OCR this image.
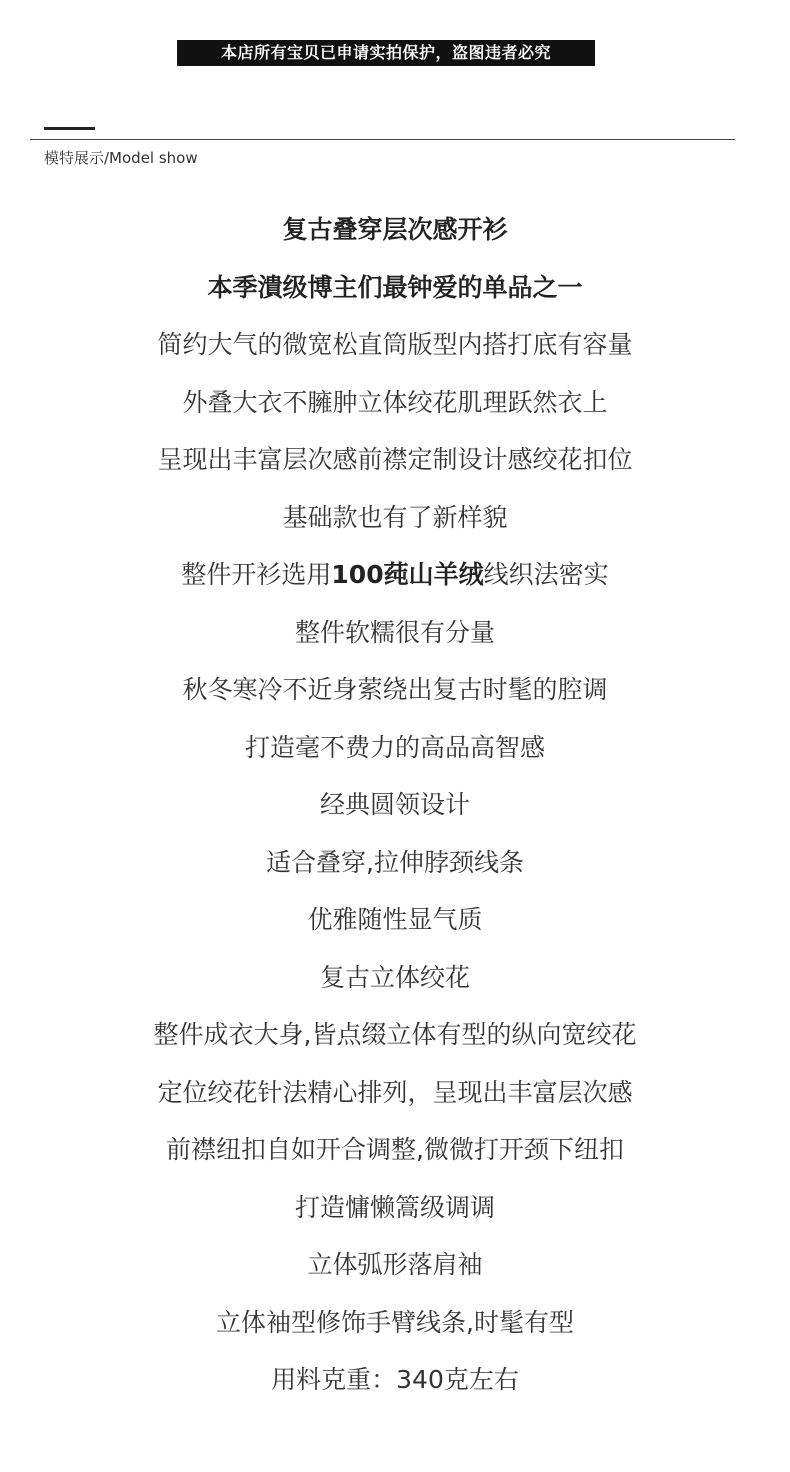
本店所有宝贝已申请实拍保护，盗图违者必究
模特展示/Model show
复古叠穿层次感开衫
本季潰级博主们最钟爱的单品之一
简约大气的微宽松直筒版型内搭打底有容量
外叠大衣不臃肿立体绞花肌理跃然衣上
呈现出丰富层次感前襟定制设计感绞花扣位
基础款也有了新样貌
整件开衫选用100莼山羊绒线织法密实
整件软糯很有分量
秋冬寒冷不近身萦绕出复古时髦的腔调
打造毫不费力的高品高智感
经典圆领设计
适合叠穿,拉伸脖颈线条
优雅随性显气质
复古立体绞花
整件成衣大身,皆点缀立体有型的纵向宽绞花
定位绞花针法精心排列，呈现出丰富层次感
前襟纽扣自如开合调整,微微打开颈下纽扣
打造慵懒篙级调调
立体弧形落肩袖
立体袖型修饰手臂线条,时髦有型
用料克重：340克左右
